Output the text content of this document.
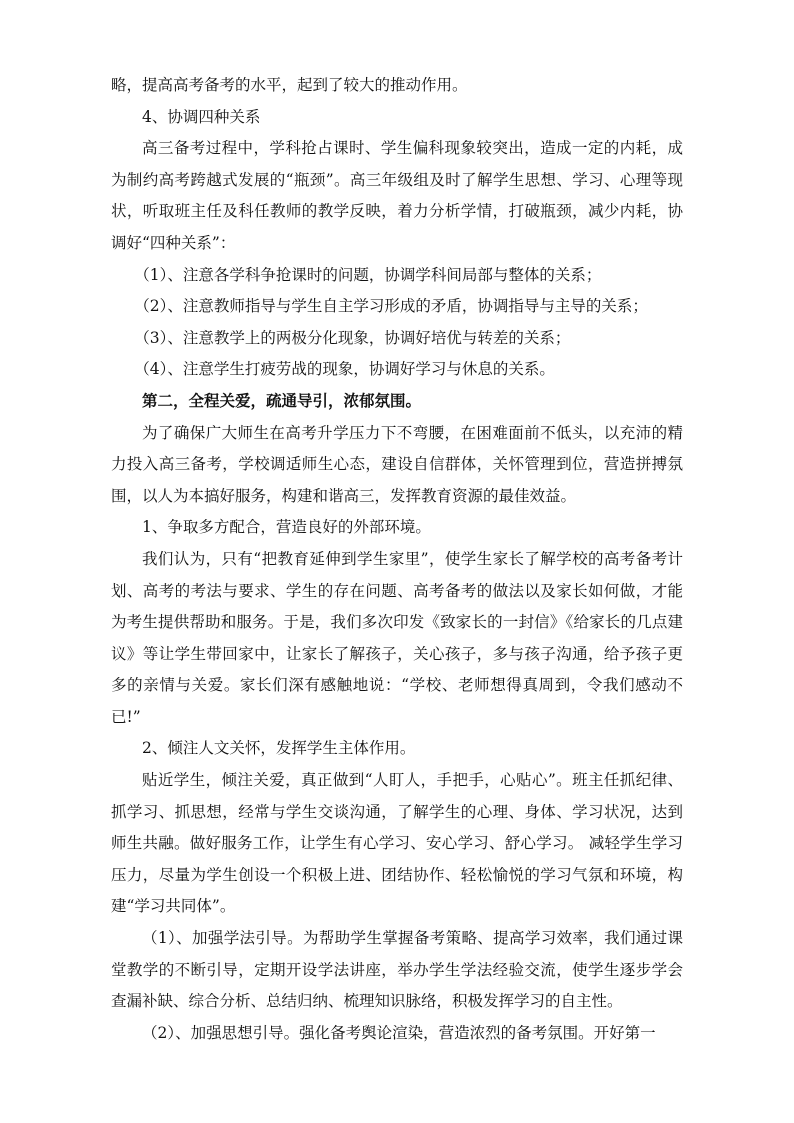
略，提高高考备考的水平，起到了较大的推动作用。

4、协调四种关系

高三备考过程中，学科抢占课时、学生偏科现象较突出，造成一定的内耗，成为制约高考跨越式发展的“瓶颈”。高三年级组及时了解学生思想、学习、心理等现状，听取班主任及科任教师的教学反映，着力分析学情，打破瓶颈，减少内耗，协调好“四种关系”：

（1）、注意各学科争抢课时的问题，协调学科间局部与整体的关系；

（2）、注意教师指导与学生自主学习形成的矛盾，协调指导与主导的关系；

（3）、注意教学上的两极分化现象，协调好培优与转差的关系；

（4）、注意学生打疲劳战的现象，协调好学习与休息的关系。

第二，全程关爱，疏通导引，浓郁氛围。

为了确保广大师生在高考升学压力下不弯腰，在困难面前不低头，以充沛的精力投入高三备考，学校调适师生心态，建设自信群体，关怀管理到位，营造拼搏氛围，以人为本搞好服务，构建和谐高三，发挥教育资源的最佳效益。

1、争取多方配合，营造良好的外部环境。

我们认为，只有“把教育延伸到学生家里”，使学生家长了解学校的高考备考计划、高考的考法与要求、学生的存在问题、高考备考的做法以及家长如何做，才能为考生提供帮助和服务。于是，我们多次印发《致家长的一封信》《给家长的几点建议》等让学生带回家中，让家长了解孩子，关心孩子，多与孩子沟通，给予孩子更多的亲情与关爱。家长们深有感触地说：“学校、老师想得真周到，令我们感动不已!”

2、倾注人文关怀，发挥学生主体作用。

贴近学生，倾注关爱，真正做到“人盯人，手把手，心贴心”。班主任抓纪律、抓学习、抓思想，经常与学生交谈沟通，了解学生的心理、身体、学习状况，达到师生共融。做好服务工作，让学生有心学习、安心学习、舒心学习。 减轻学生学习压力，尽量为学生创设一个积极上进、团结协作、轻松愉悦的学习气氛和环境，构建“学习共同体”。

（1）、加强学法引导。为帮助学生掌握备考策略、提高学习效率，我们通过课堂教学的不断引导，定期开设学法讲座，举办学生学法经验交流，使学生逐步学会查漏补缺、综合分析、总结归纳、梳理知识脉络，积极发挥学习的自主性。

（2）、加强思想引导。强化备考舆论渲染，营造浓烈的备考氛围。开好第一
